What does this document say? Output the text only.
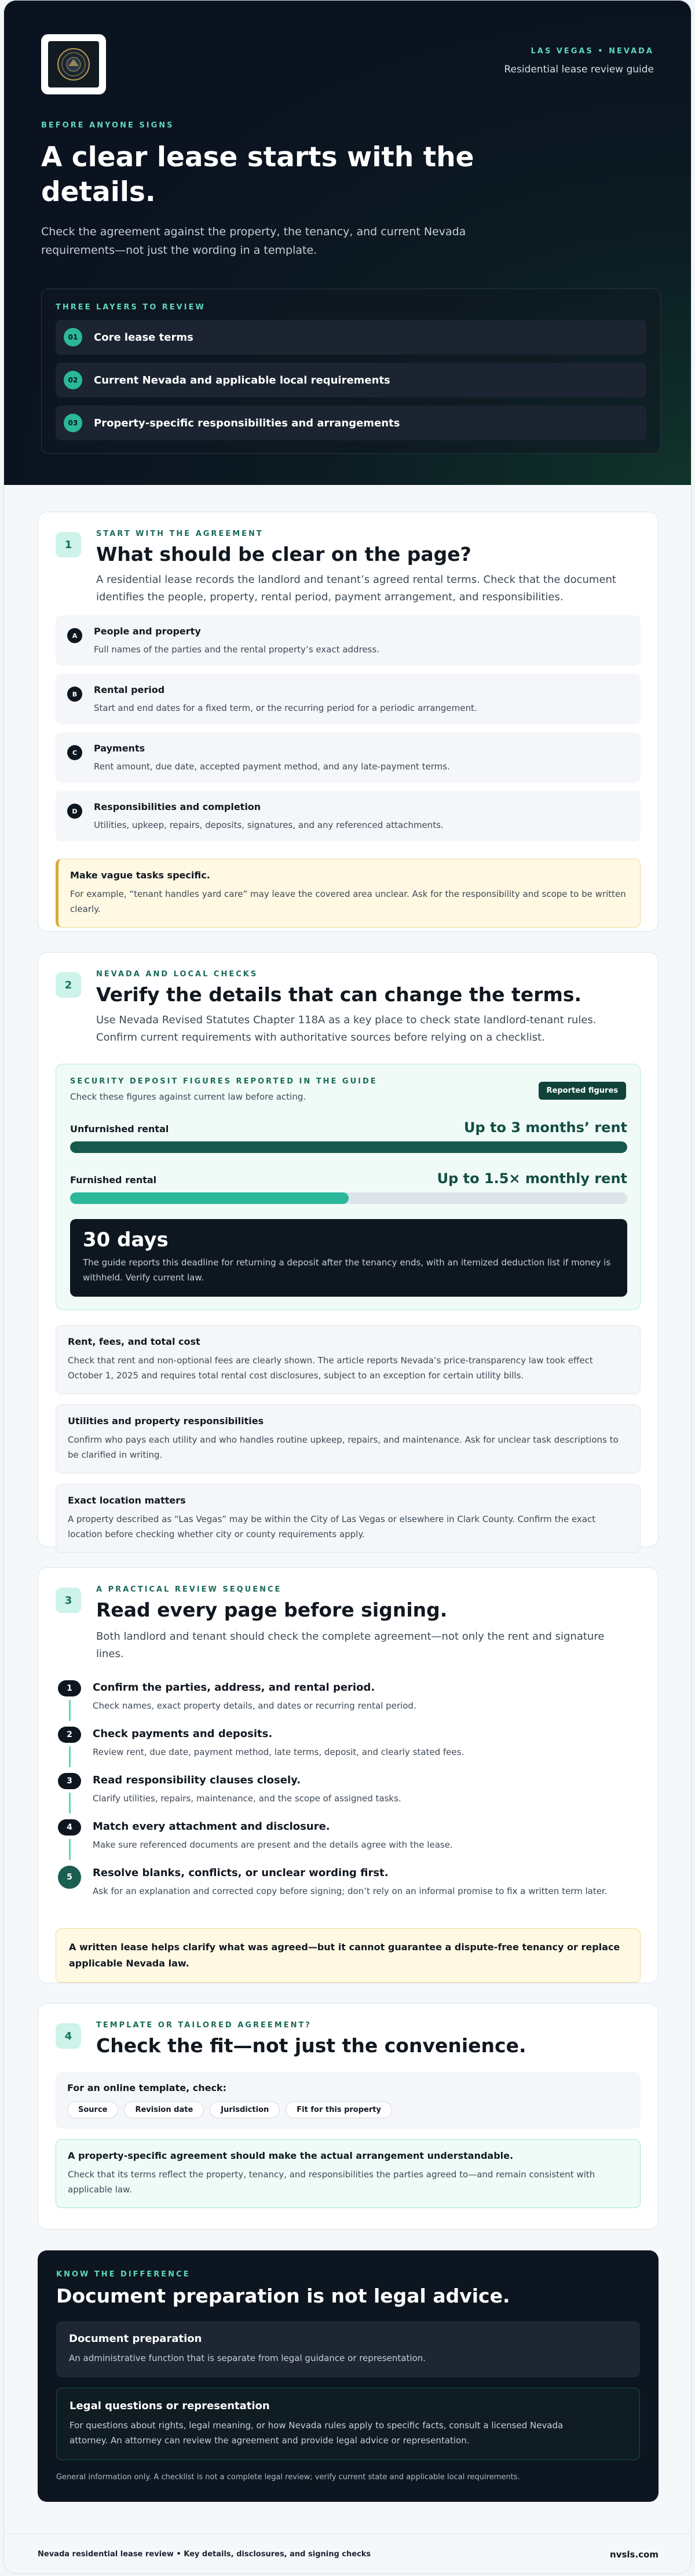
LAS VEGAS • NEVADA
Residential lease review guide
BEFORE ANYONE SIGNS
A clear lease starts with the details.

Check the agreement against the property, the tenancy, and current Nevada requirements—not just the wording in a template.

THREE LAYERS TO REVIEW
01	Core lease terms
02	Current Nevada and applicable local requirements
03	Property-specific responsibilities and arrangements
1
START WITH THE AGREEMENT
What should be clear on the page?

A residential lease records the landlord and tenant’s agreed rental terms. Check that the document identifies the people, property, rental period, payment arrangement, and responsibilities.

A	People and property
Full names of the parties and the rental property’s exact address.
B	Rental period
Start and end dates for a fixed term, or the recurring period for a periodic arrangement.
C	Payments
Rent amount, due date, accepted payment method, and any late-payment terms.
D	Responsibilities and completion
Utilities, upkeep, repairs, deposits, signatures, and any referenced attachments.
Make vague tasks specific.
For example, “tenant handles yard care” may leave the covered area unclear. Ask for the responsibility and scope to be written clearly.
2
NEVADA AND LOCAL CHECKS
Verify the details that can change the terms.

Use Nevada Revised Statutes Chapter 118A as a key place to check state landlord-tenant rules. Confirm current requirements with authoritative sources before relying on a checklist.

SECURITY DEPOSIT FIGURES REPORTED IN THE GUIDE
Check these figures against current law before acting.
Reported figures
Unfurnished rental	Up to 3 months’ rent
Furnished rental	Up to 1.5× monthly rent
30 days
The guide reports this deadline for returning a deposit after the tenancy ends, with an itemized deduction list if money is withheld. Verify current law.
Rent, fees, and total cost
Check that rent and non-optional fees are clearly shown. The article reports Nevada’s price-transparency law took effect October 1, 2025 and requires total rental cost disclosures, subject to an exception for certain utility bills.
Utilities and property responsibilities
Confirm who pays each utility and who handles routine upkeep, repairs, and maintenance. Ask for unclear task descriptions to be clarified in writing.
Exact location matters
A property described as “Las Vegas” may be within the City of Las Vegas or elsewhere in Clark County. Confirm the exact location before checking whether city or county requirements apply.
3
A PRACTICAL REVIEW SEQUENCE
Read every page before signing.

Both landlord and tenant should check the complete agreement—not only the rent and signature lines.

1	Confirm the parties, address, and rental period.
Check names, exact property details, and dates or recurring rental period.
2	Check payments and deposits.
Review rent, due date, payment method, late terms, deposit, and clearly stated fees.
3	Read responsibility clauses closely.
Clarify utilities, repairs, maintenance, and the scope of assigned tasks.
4	Match every attachment and disclosure.
Make sure referenced documents are present and the details agree with the lease.
5	Resolve blanks, conflicts, or unclear wording first.
Ask for an explanation and corrected copy before signing; don’t rely on an informal promise to fix a written term later.
A written lease helps clarify what was agreed—but it cannot guarantee a dispute-free tenancy or replace applicable Nevada law.
4
TEMPLATE OR TAILORED AGREEMENT?
Check the fit—not just the convenience.
For an online template, check:
Source	Revision date	Jurisdiction	Fit for this property
A property-specific agreement should make the actual arrangement understandable.
Check that its terms reflect the property, tenancy, and responsibilities the parties agreed to—and remain consistent with applicable law.
KNOW THE DIFFERENCE
Document preparation is not legal advice.
Document preparation
An administrative function that is separate from legal guidance or representation.
Legal questions or representation
For questions about rights, legal meaning, or how Nevada rules apply to specific facts, consult a licensed Nevada attorney. An attorney can review the agreement and provide legal advice or representation.
General information only. A checklist is not a complete legal review; verify current state and applicable local requirements.
Nevada residential lease review • Key details, disclosures, and signing checks	nvsls.com
